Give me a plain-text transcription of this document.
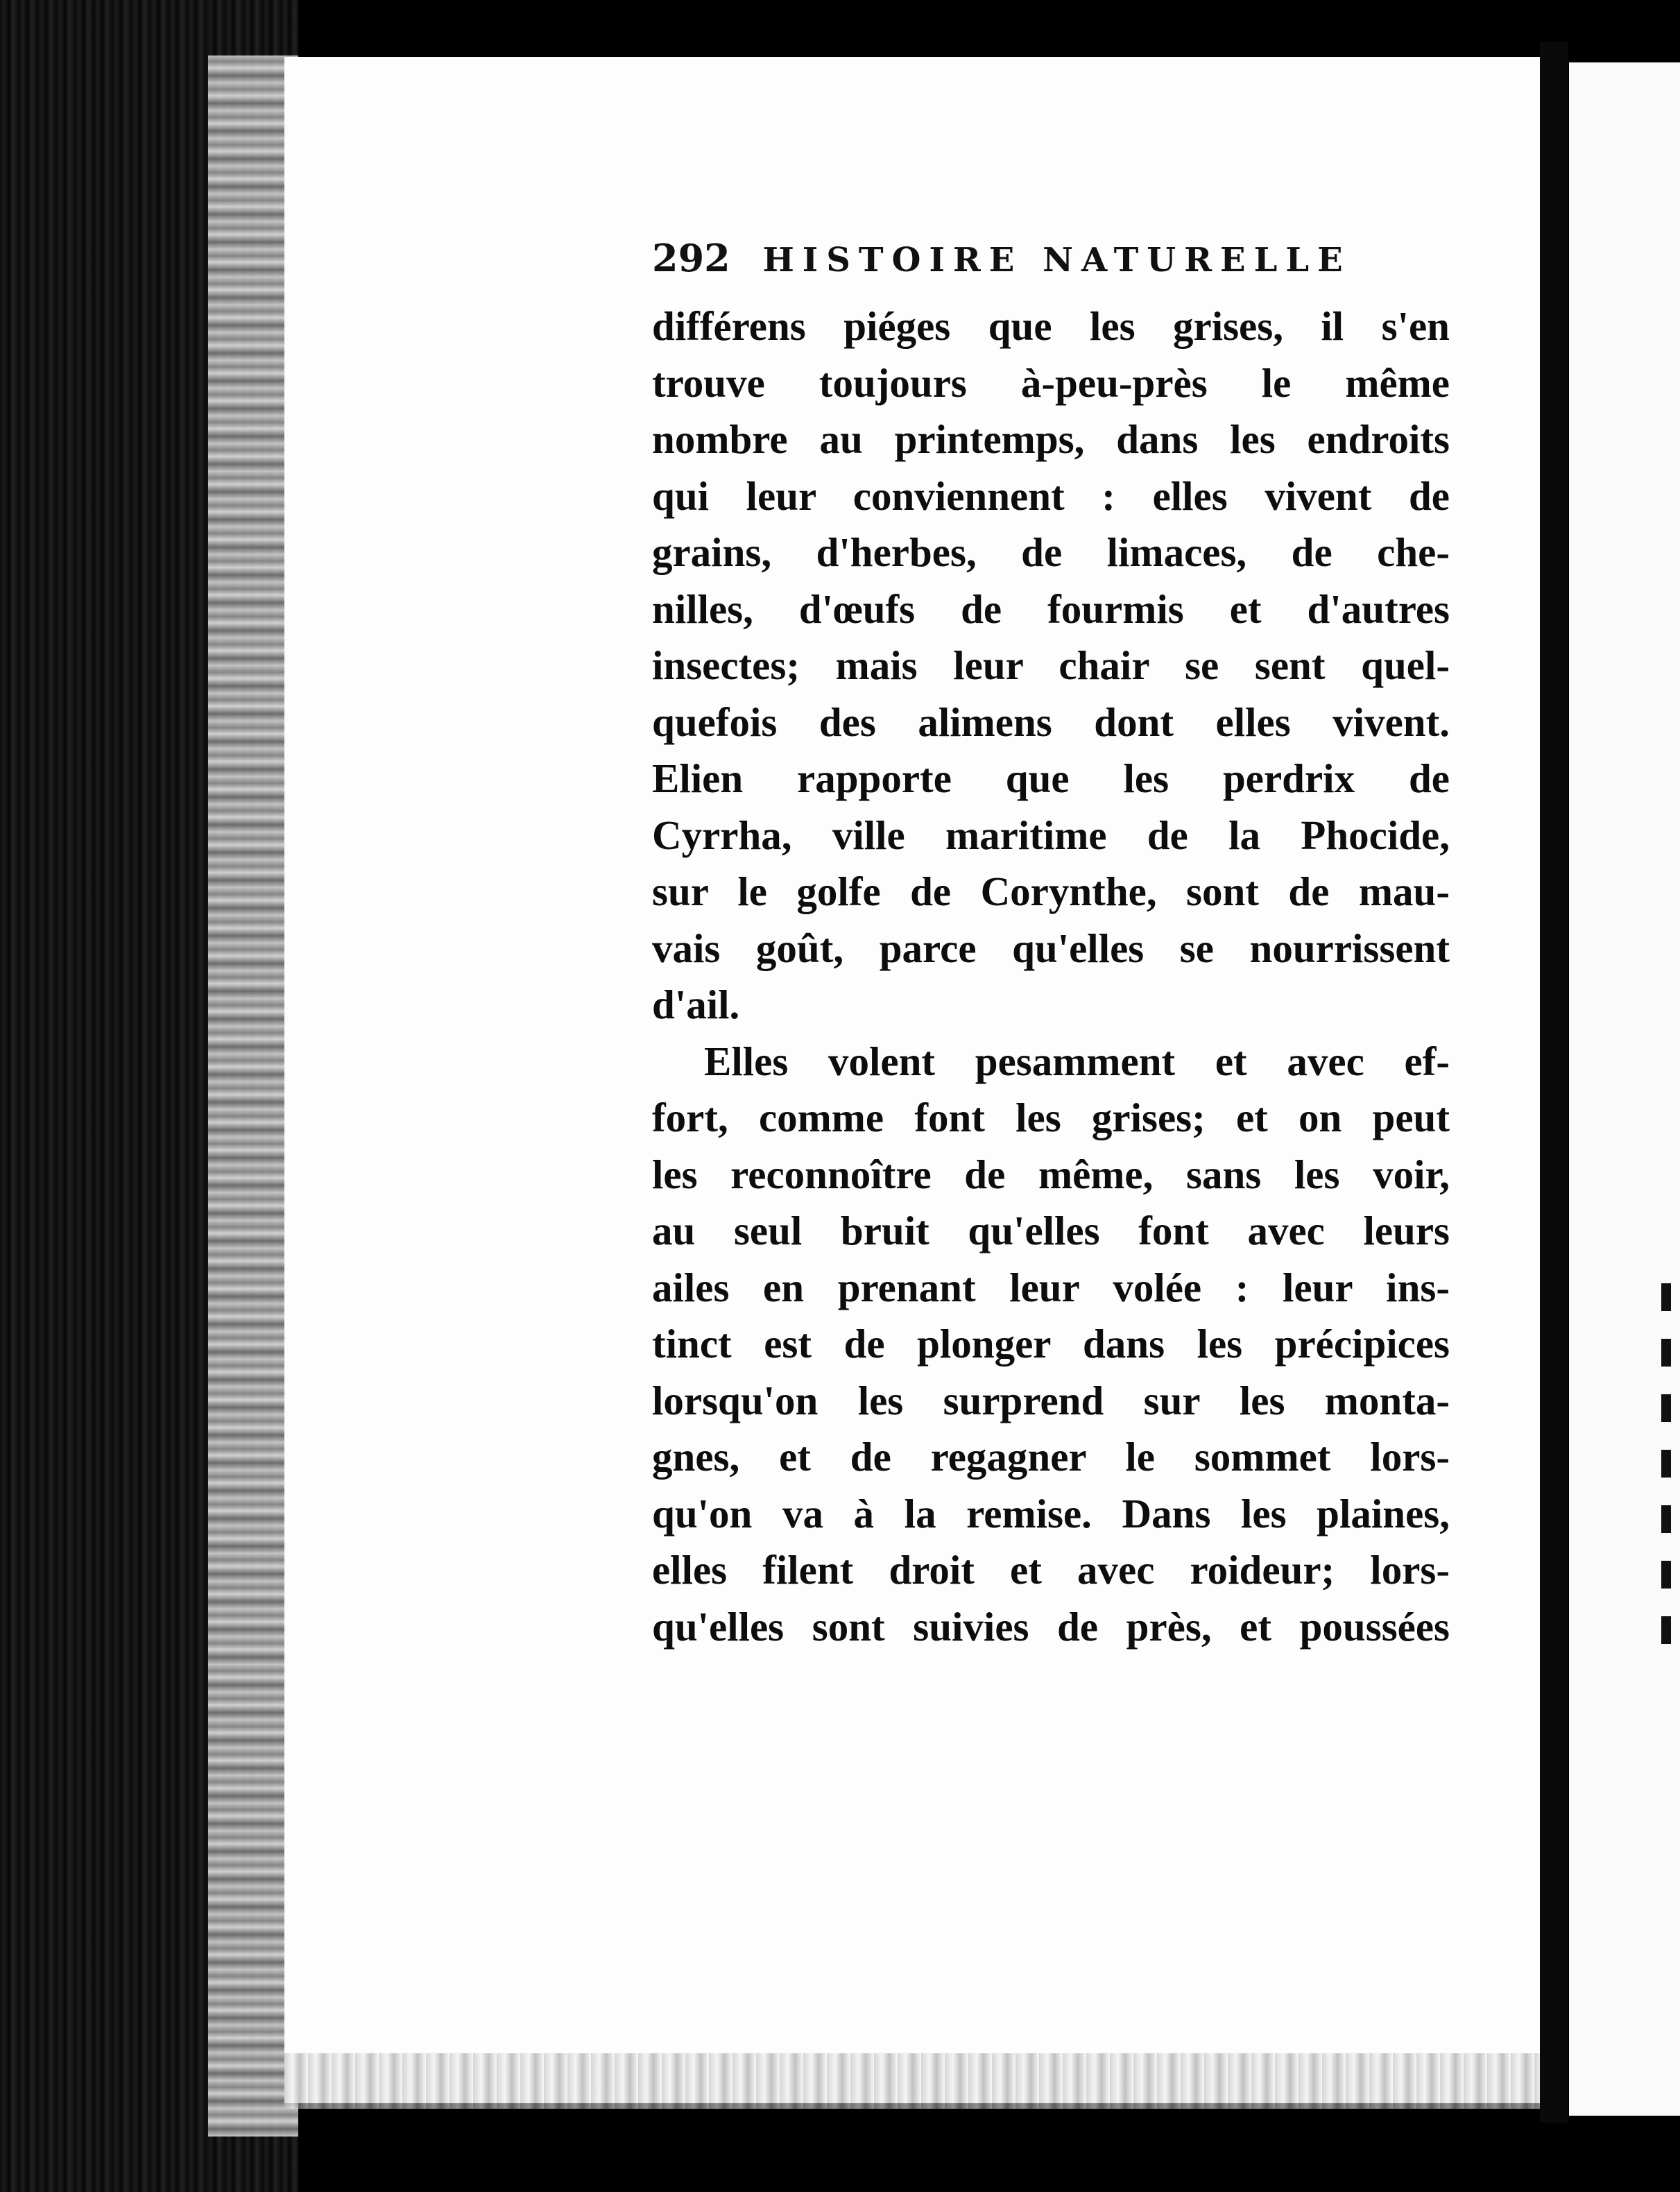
292 HISTOIRE NATURELLE
différens piéges que les grises, il s'en
trouve toujours à-peu-près le même
nombre au printemps, dans les endroits
qui leur conviennent : elles vivent de
grains, d'herbes, de limaces, de che-
nilles, d'œufs de fourmis et d'autres
insectes; mais leur chair se sent quel-
quefois des alimens dont elles vivent.
Elien rapporte que les perdrix de
Cyrrha, ville maritime de la Phocide,
sur le golfe de Corynthe, sont de mau-
vais goût, parce qu'elles se nourrissent
d'ail.
Elles volent pesamment et avec ef-
fort, comme font les grises; et on peut
les reconnoître de même, sans les voir,
au seul bruit qu'elles font avec leurs
ailes en prenant leur volée : leur ins-
tinct est de plonger dans les précipices
lorsqu'on les surprend sur les monta-
gnes, et de regagner le sommet lors-
qu'on va à la remise. Dans les plaines,
elles filent droit et avec roideur; lors-
qu'elles sont suivies de près, et poussées
